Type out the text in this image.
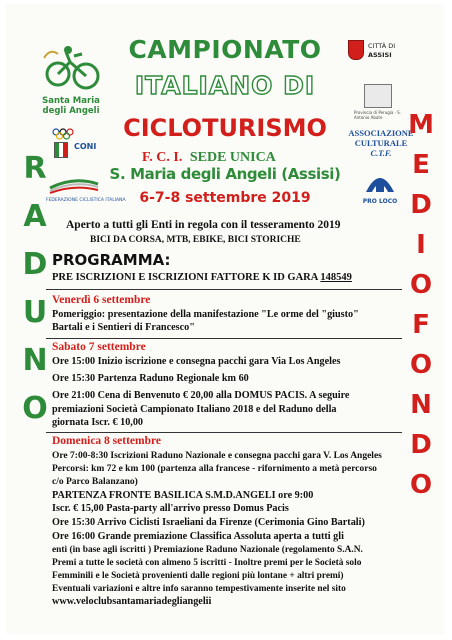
Santa Maria
degli Angeli
CONI
FEDERAZIONE CICLISTICA ITALIANA
CITTÀ DI
ASSISI
Provincia di Perugia · S. Antonio Abate
ASSOCIAZIONE
CULTURALE
C.T.F.
PRO LOCO
CAMPIONATO
ITALIANO DI
CICLOTURISMO
F. C. I. SEDE UNICA
S. Maria degli Angeli (Assisi)
6-7-8 settembre 2019
R
A
D
U
N
O
M
E
D
I
O
F
O
N
D
O
Aperto a tutti gli Enti in regola con il tesseramento 2019
BICI DA CORSA, MTB, EBIKE, BICI STORICHE
PROGRAMMA:
PRE ISCRIZIONI E ISCRIZIONI FATTORE K ID GARA 148549
Venerdì 6 settembre
Pomeriggio: presentazione della manifestazione "Le orme del "giusto"
Bartali e i Sentieri di Francesco"
Sabato 7 settembre
Ore 15:00 Inizio iscrizione e consegna pacchi gara Via Los Angeles
Ore 15:30 Partenza Raduno Regionale km 60
Ore 21:00 Cena di Benvenuto € 20,00 alla DOMUS PACIS. A seguire
premiazioni Società Campionato Italiano 2018 e del Raduno della
giornata Iscr. € 10,00
Domenica 8 settembre
Ore 7:00-8:30 Iscrizioni Raduno Nazionale e consegna pacchi gara V. Los Angeles
Percorsi: km 72 e km 100 (partenza alla francese - rifornimento a metà percorso
c/o Parco Balanzano)
PARTENZA FRONTE BASILICA S.M.D.ANGELI ore 9:00
Iscr. € 15,00 Pasta-party all'arrivo presso Domus Pacis
Ore 15:30 Arrivo Ciclisti Israeliani da Firenze (Cerimonia Gino Bartali)
Ore 16:00 Grande premiazione Classifica Assoluta aperta a tutti gli
enti (in base agli iscritti ) Premiazione Raduno Nazionale (regolamento S.A.N.
Premi a tutte le società con almeno 5 iscritti - Inoltre premi per le Società solo
Femminili e le Società provenienti dalle regioni più lontane + altri premi)
Eventuali variazioni e altre info saranno tempestivamente inserite nel sito
www.veloclubsantamariadegliangelii
